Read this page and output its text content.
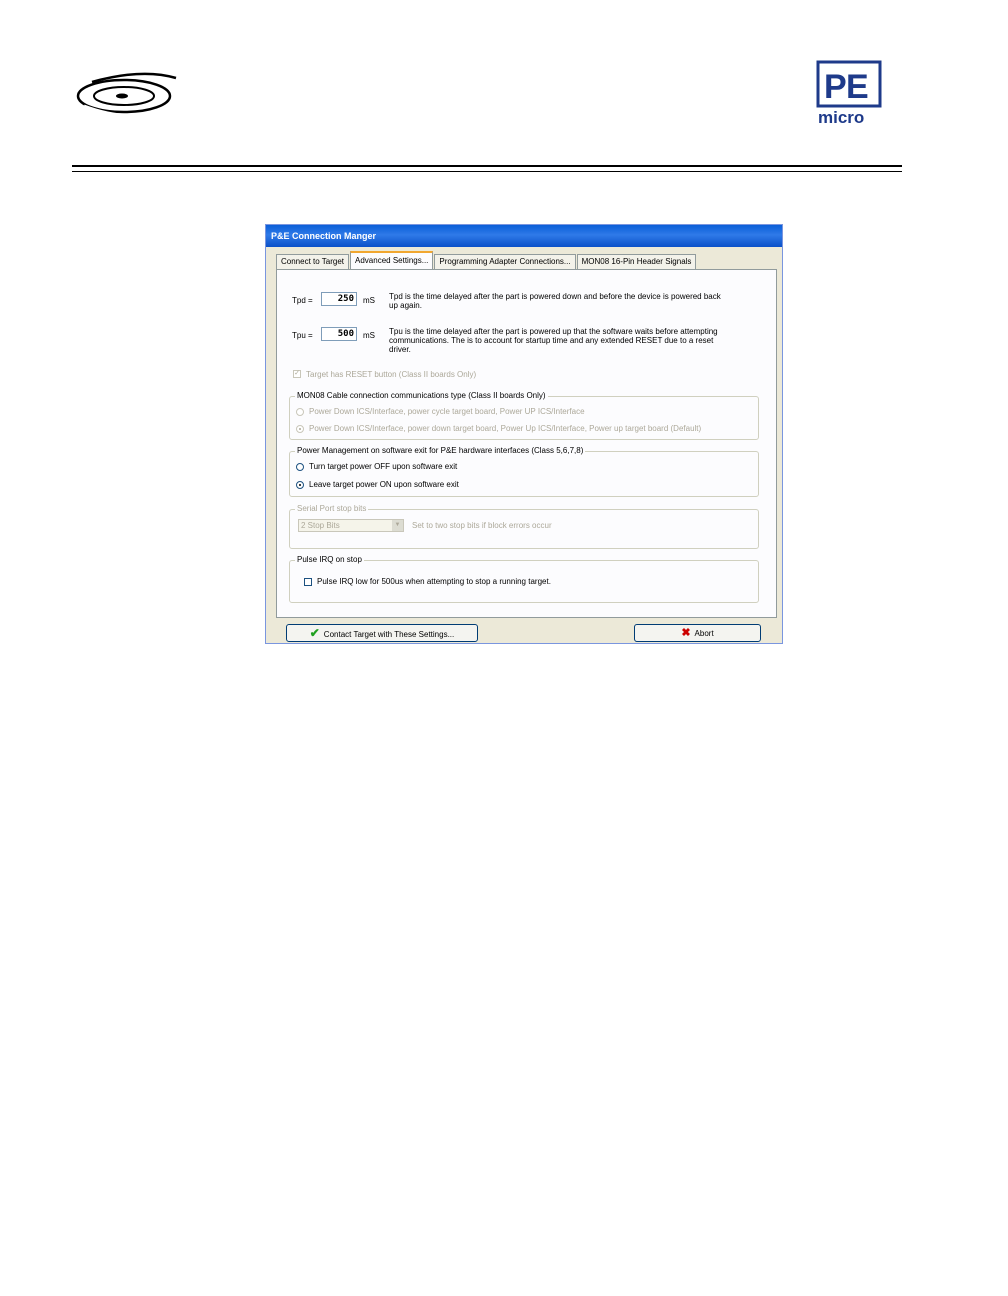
P E
micro
P&E Connection Manger
Connect to Target	Advanced Settings...	Programming Adapter Connections...	MON08 16-Pin Header Signals
Tpd =	250	mS Tpd is the time delayed after the part is powered down and before the device is powered back up again.
Tpu =	500	mS Tpu is the time delayed after the part is powered up that the software waits before attempting communications. The is to account for startup time and any extended RESET due to a reset driver.
✓ Target has RESET button (Class II boards Only)
MON08 Cable connection communications type (Class II boards Only)
Power Down ICS/Interface, power cycle target board, Power UP ICS/Interface
Power Down ICS/Interface, power down target board, Power Up ICS/Interface, Power up target board (Default)
Power Management on software exit for P&E hardware interfaces (Class 5,6,7,8)
Turn target power OFF upon software exit
Leave target power ON upon software exit
Serial Port stop bits
2 Stop Bits	▼	Set to two stop bits if block errors occur
Pulse IRQ on stop
Pulse IRQ low for 500us when attempting to stop a running target.
✔ Contact Target with These Settings...	✖ Abort
